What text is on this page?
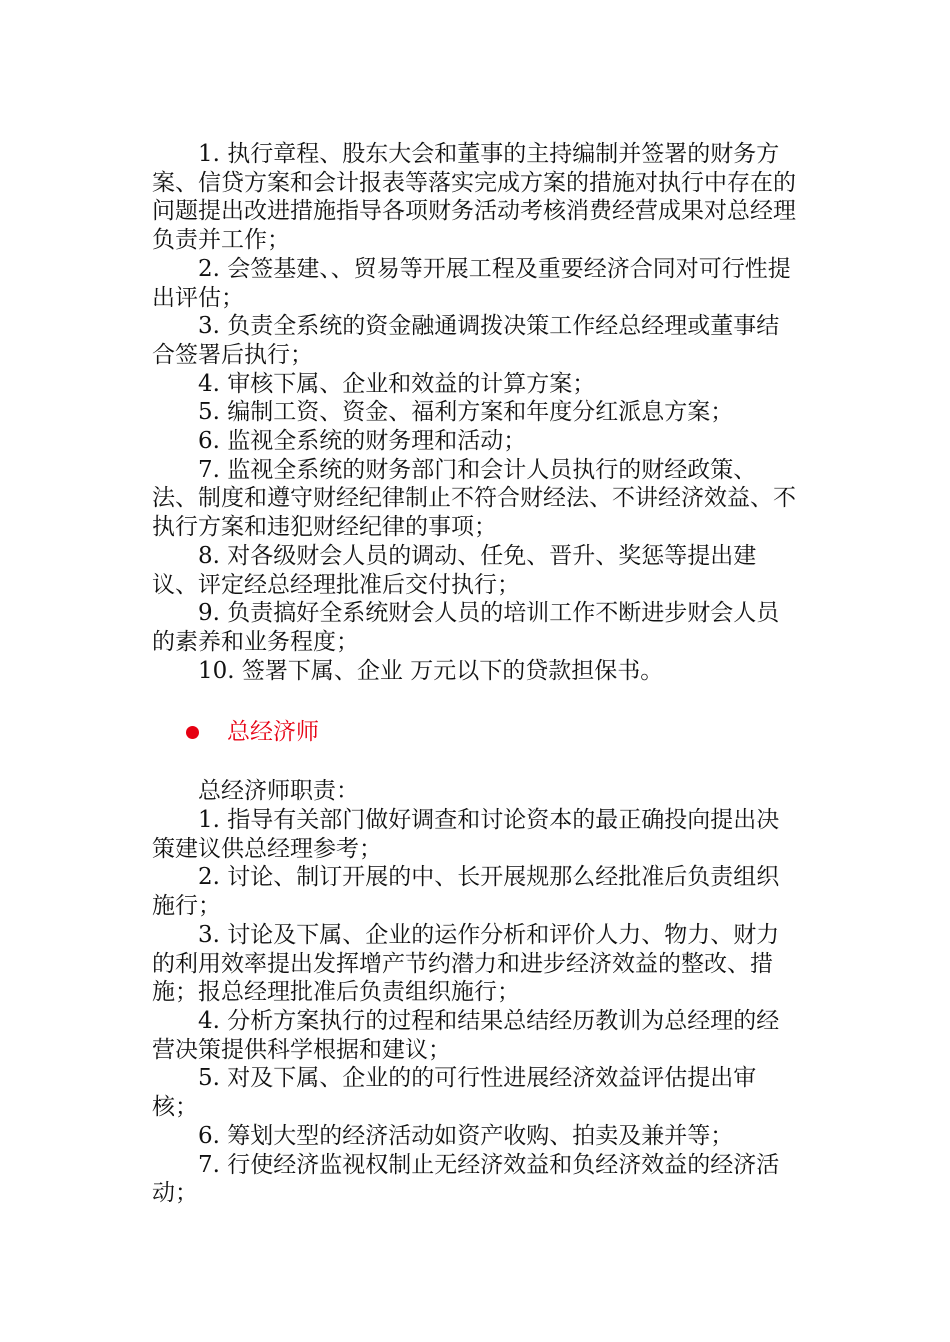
1. 执行章程、股东大会和董事的主持编制并签署的财务方案、信贷方案和会计报表等落实完成方案的措施对执行中存在的问题提出改进措施指导各项财务活动考核消费经营成果对总经理负责并工作；

2. 会签基建、、贸易等开展工程及重要经济合同对可行性提出评估；

3. 负责全系统的资金融通调拨决策工作经总经理或董事结合签署后执行；

4. 审核下属、企业和效益的计算方案；

5. 编制工资、资金、福利方案和年度分红派息方案；

6. 监视全系统的财务理和活动；

7. 监视全系统的财务部门和会计人员执行的财经政策、法、制度和遵守财经纪律制止不符合财经法、不讲经济效益、不执行方案和违犯财经纪律的事项；

8. 对各级财会人员的调动、任免、晋升、奖惩等提出建议、评定经总经理批准后交付执行；

9. 负责搞好全系统财会人员的培训工作不断进步财会人员的素养和业务程度；

10. 签署下属、企业 万元以下的贷款担保书。

总经济师

总经济师职责：

1. 指导有关部门做好调查和讨论资本的最正确投向提出决策建议供总经理参考；

2. 讨论、制订开展的中、长开展规那么经批准后负责组织施行；

3. 讨论及下属、企业的运作分析和评价人力、物力、财力的利用效率提出发挥增产节约潜力和进步经济效益的整改、措施；报总经理批准后负责组织施行；

4. 分析方案执行的过程和结果总结经历教训为总经理的经营决策提供科学根据和建议；

5. 对及下属、企业的的可行性进展经济效益评估提出审核；

6. 筹划大型的经济活动如资产收购、拍卖及兼并等；

7. 行使经济监视权制止无经济效益和负经济效益的经济活动；
